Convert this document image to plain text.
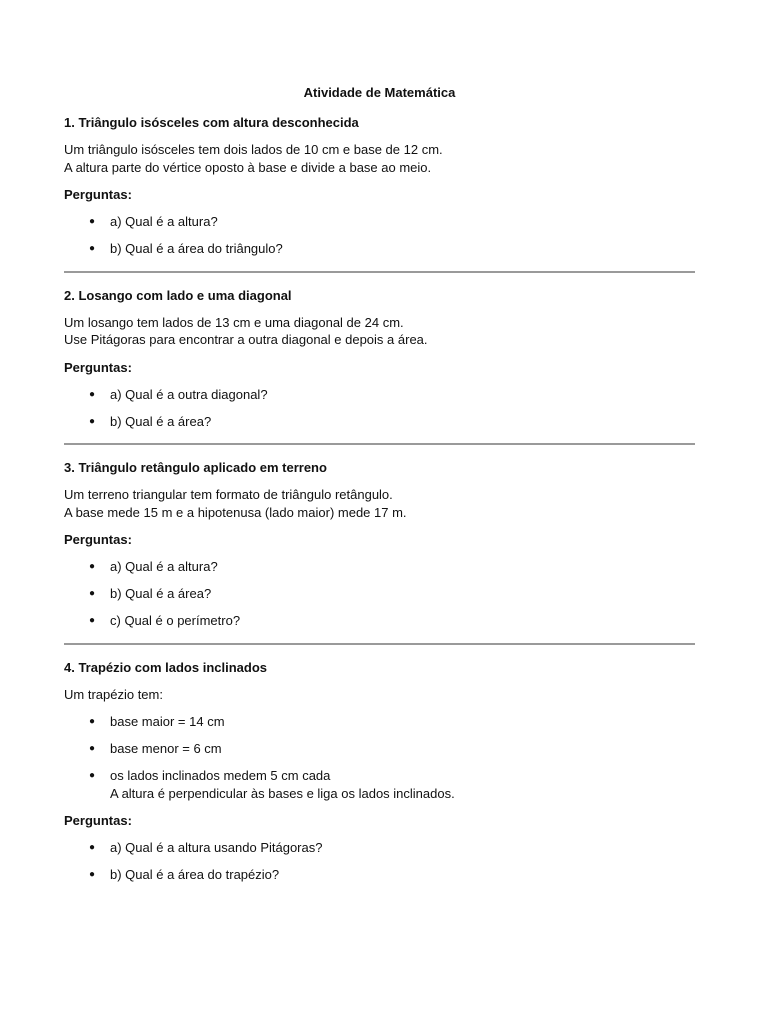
Atividade de Matemática
1. Triângulo isósceles com altura desconhecida
Um triângulo isósceles tem dois lados de 10 cm e base de 12 cm.
A altura parte do vértice oposto à base e divide a base ao meio.
Perguntas:
● a) Qual é a altura?
● b) Qual é a área do triângulo?
2. Losango com lado e uma diagonal
Um losango tem lados de 13 cm e uma diagonal de 24 cm.
Use Pitágoras para encontrar a outra diagonal e depois a área.
Perguntas:
● a) Qual é a outra diagonal?
● b) Qual é a área?
3. Triângulo retângulo aplicado em terreno
Um terreno triangular tem formato de triângulo retângulo.
A base mede 15 m e a hipotenusa (lado maior) mede 17 m.
Perguntas:
● a) Qual é a altura?
● b) Qual é a área?
● c) Qual é o perímetro?
4. Trapézio com lados inclinados
Um trapézio tem:
● base maior = 14 cm
● base menor = 6 cm
● os lados inclinados medem 5 cm cada
A altura é perpendicular às bases e liga os lados inclinados.
Perguntas:
● a) Qual é a altura usando Pitágoras?
● b) Qual é a área do trapézio?
